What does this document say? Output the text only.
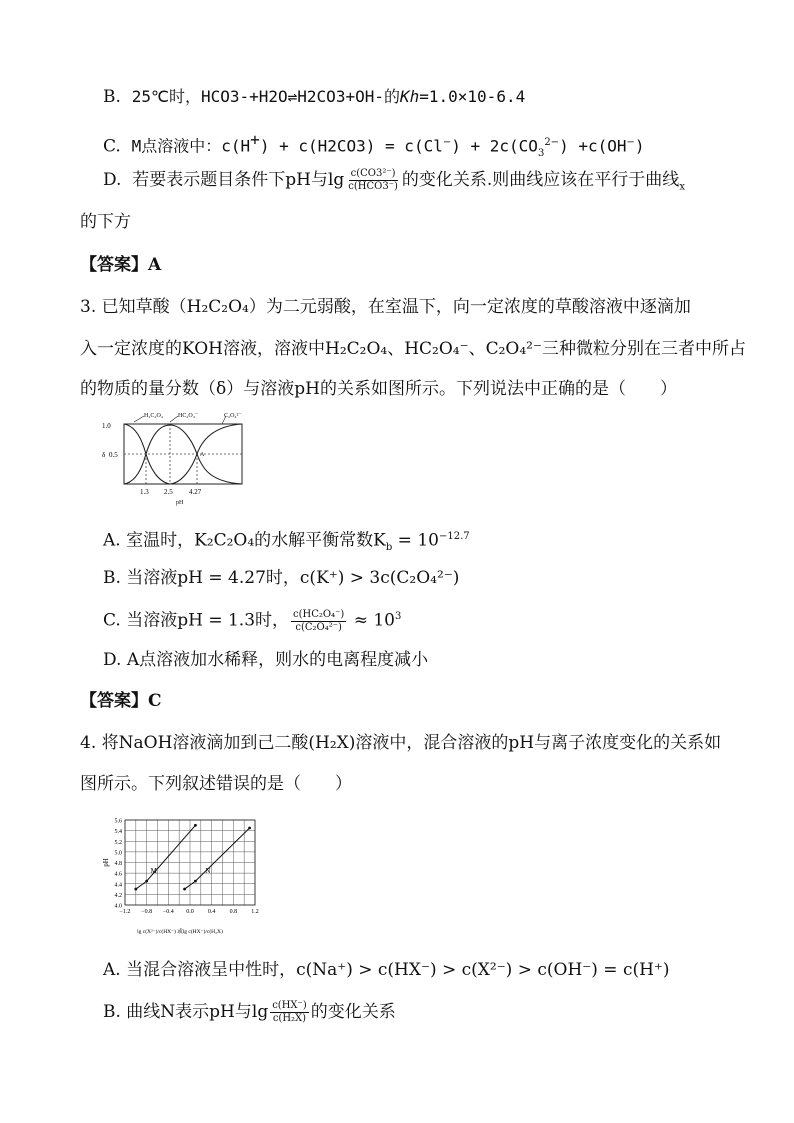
B. 25℃时，HCO3-+H2O⇌H2CO3+OH-的Kh=1.0×10-6.4
C. M点溶液中：$c(H^+) + c(H2CO3) = c(Cl^-) + 2c(CO_3^{2-}) +c(OH^-)$
D. 若要表示题目条件下pH与$\lg \frac{\text{c(CO3²⁻)}}{\text{c(HCO3⁻)}}$ 的变化关系.则曲线应该在平行于曲线$_x$
的下方
【答案】A
3. 已知草酸（H₂C₂O₄）为二元弱酸，在室温下，向一定浓度的草酸溶液中逐滴加
入一定浓度的KOH溶液，溶液中H₂C₂O₄、HC₂O₄⁻、C₂O₄²⁻三种微粒分别在三者中所占
的物质的量分数（δ）与溶液pH的关系如图所示。下列说法中正确的是（　　）
1.0
0.5
δ
1.3 2.5 4.27
pH
A
H₂C₂O₄	HC₂O₄⁻	C₂O₄²⁻
A. 室温时，K₂C₂O₄的水解平衡常数$K_b = 10^{-12.7}$
B. 当溶液pH = 4.27时，c(K⁺) > 3c(C₂O₄²⁻)
C. 当溶液pH = 1.3时， $\frac{\text{c(HC₂O₄⁻)}}{\text{c(C₂O₄²⁻)}} \approx 10^3$
D. A点溶液加水稀释，则水的电离程度减小
【答案】C
4. 将NaOH溶液滴加到己二酸(H₂X)溶液中，混合溶液的pH与离子浓度变化的关系如
图所示。下列叙述错误的是（　　）
4.0
4.2
4.4
4.6
4.8
5.0
5.2
5.4
5.6
−1.2 −0.8 −0.4 0.0 0.4 0.8 1.2
pH
lg c(X²⁻)/c(HX⁻) 或lg c(HX⁻)/c(H₂X)
M	N
A. 当混合溶液呈中性时，c(Na⁺) > c(HX⁻) > c(X²⁻) > c(OH⁻) = c(H⁺)
B. 曲线N表示pH与$\lg \frac{c(HX^-)}{\text{c(H₂X)}}$ 的变化关系
